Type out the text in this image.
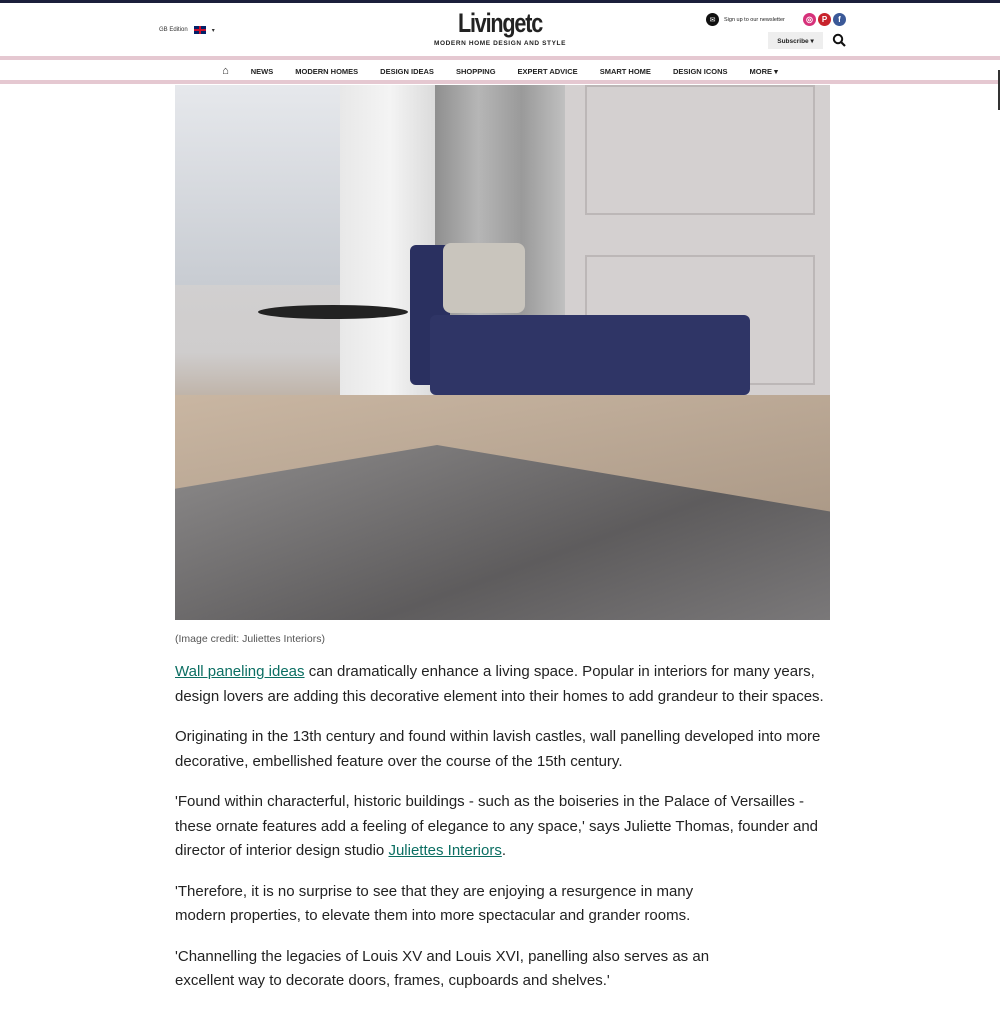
GB Edition	▾	Livingetc
MODERN HOME DESIGN AND STYLE
✉	Sign up to our newsletter	◎	P	f
Subscribe ▾
⌂	NEWS	MODERN HOMES	DESIGN IDEAS	SHOPPING	EXPERT ADVICE	SMART HOME	DESIGN ICONS	MORE ▾
(Image credit: Juliettes Interiors)

Wall paneling ideas can dramatically enhance a living space. Popular in interiors for many years, design lovers are adding this decorative element into their homes to add grandeur to their spaces.

Originating in the 13th century and found within lavish castles, wall panelling developed into more decorative, embellished feature over the course of the 15th century.

'Found within characterful, historic buildings - such as the boiseries in the Palace of Versailles - these ornate features add a feeling of elegance to any space,' says Juliette Thomas, founder and director of interior design studio Juliettes Interiors.

'Therefore, it is no surprise to see that they are enjoying a resurgence in many modern properties, to elevate them into more spectacular and grander rooms.

'Channelling the legacies of Louis XV and Louis XVI, panelling also serves as an excellent way to decorate doors, frames, cupboards and shelves.'
